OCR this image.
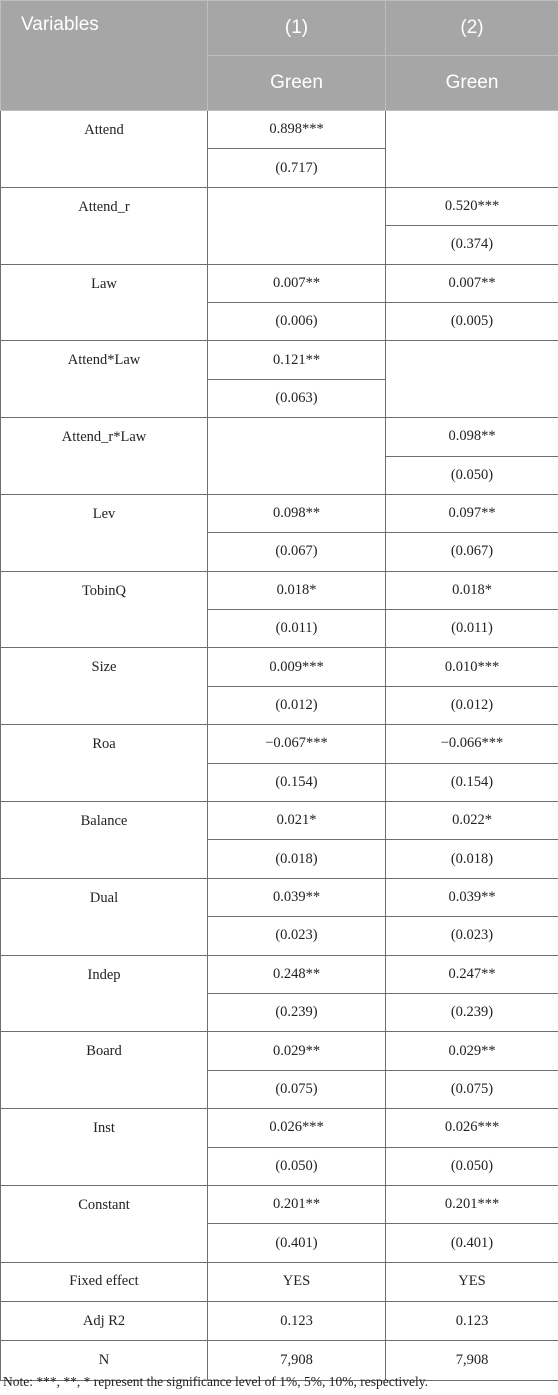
Variables	(1)	(2)
	Green	Green
Attend	0.898***	
	(0.717)	
Attend_r		0.520***
		(0.374)
Law	0.007**	0.007**
	(0.006)	(0.005)
Attend*Law	0.121**	
	(0.063)	
Attend_r*Law		0.098**
		(0.050)
Lev	0.098**	0.097**
	(0.067)	(0.067)
TobinQ	0.018*	0.018*
	(0.011)	(0.011)
Size	0.009***	0.010***
	(0.012)	(0.012)
Roa	−0.067***	−0.066***
	(0.154)	(0.154)
Balance	0.021*	0.022*
	(0.018)	(0.018)
Dual	0.039**	0.039**
	(0.023)	(0.023)
Indep	0.248**	0.247**
	(0.239)	(0.239)
Board	0.029**	0.029**
	(0.075)	(0.075)
Inst	0.026***	0.026***
	(0.050)	(0.050)
Constant	0.201**	0.201***
	(0.401)	(0.401)
Fixed effect	YES	YES
Adj R2	0.123	0.123
N	7,908	7,908
Note: ***, **, * represent the significance level of 1%, 5%, 10%, respectively.
